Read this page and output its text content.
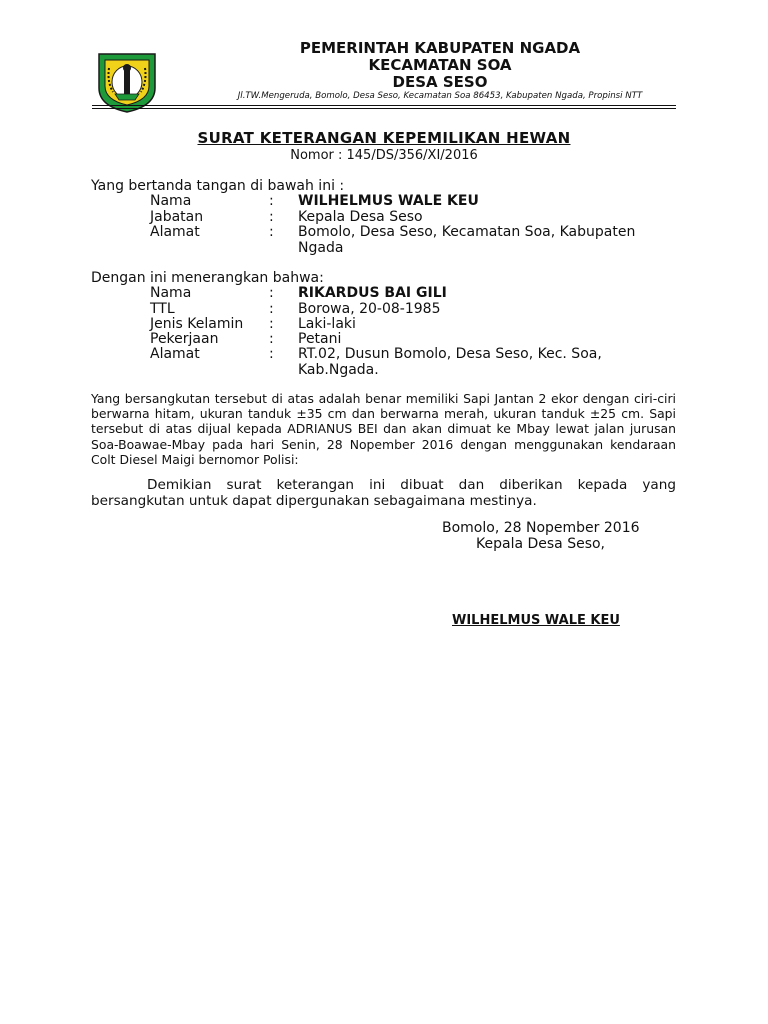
PEMERINTAH KABUPATEN NGADA
KECAMATAN SOA
DESA SESO
Jl.TW.Mengeruda, Bomolo, Desa Seso, Kecamatan Soa 86453, Kabupaten Ngada, Propinsi NTT
SURAT KETERANGAN KEPEMILIKAN HEWAN
Nomor : 145/DS/356/XI/2016
Yang bertanda tangan di bawah ini :
Nama	: WILHELMUS WALE KEU
Jabatan	: Kepala Desa Seso
Alamat	: Bomolo, Desa Seso, Kecamatan Soa, Kabupaten
Ngada
Dengan ini menerangkan bahwa:
Nama	: RIKARDUS BAI GILI
TTL	: Borowa, 20-08-1985
Jenis Kelamin : Laki-laki
Pekerjaan	: Petani
Alamat	: RT.02, Dusun Bomolo, Desa Seso, Kec. Soa,
Kab.Ngada.
Yang bersangkutan tersebut di atas adalah benar memiliki Sapi Jantan 2 ekor dengan ciri-ciri berwarna hitam, ukuran tanduk ±35 cm dan berwarna merah, ukuran tanduk ±25 cm. Sapi tersebut di atas dijual kepada ADRIANUS BEI dan akan dimuat ke Mbay lewat jalan jurusan Soa-Boawae-Mbay pada hari Senin, 28 Nopember 2016 dengan menggunakan kendaraan Colt Diesel Maigi bernomor Polisi:
Demikian surat keterangan ini dibuat dan diberikan kepada yang bersangkutan untuk dapat dipergunakan sebagaimana mestinya.
Bomolo, 28 Nopember 2016
Kepala Desa Seso,
WILHELMUS WALE KEU
